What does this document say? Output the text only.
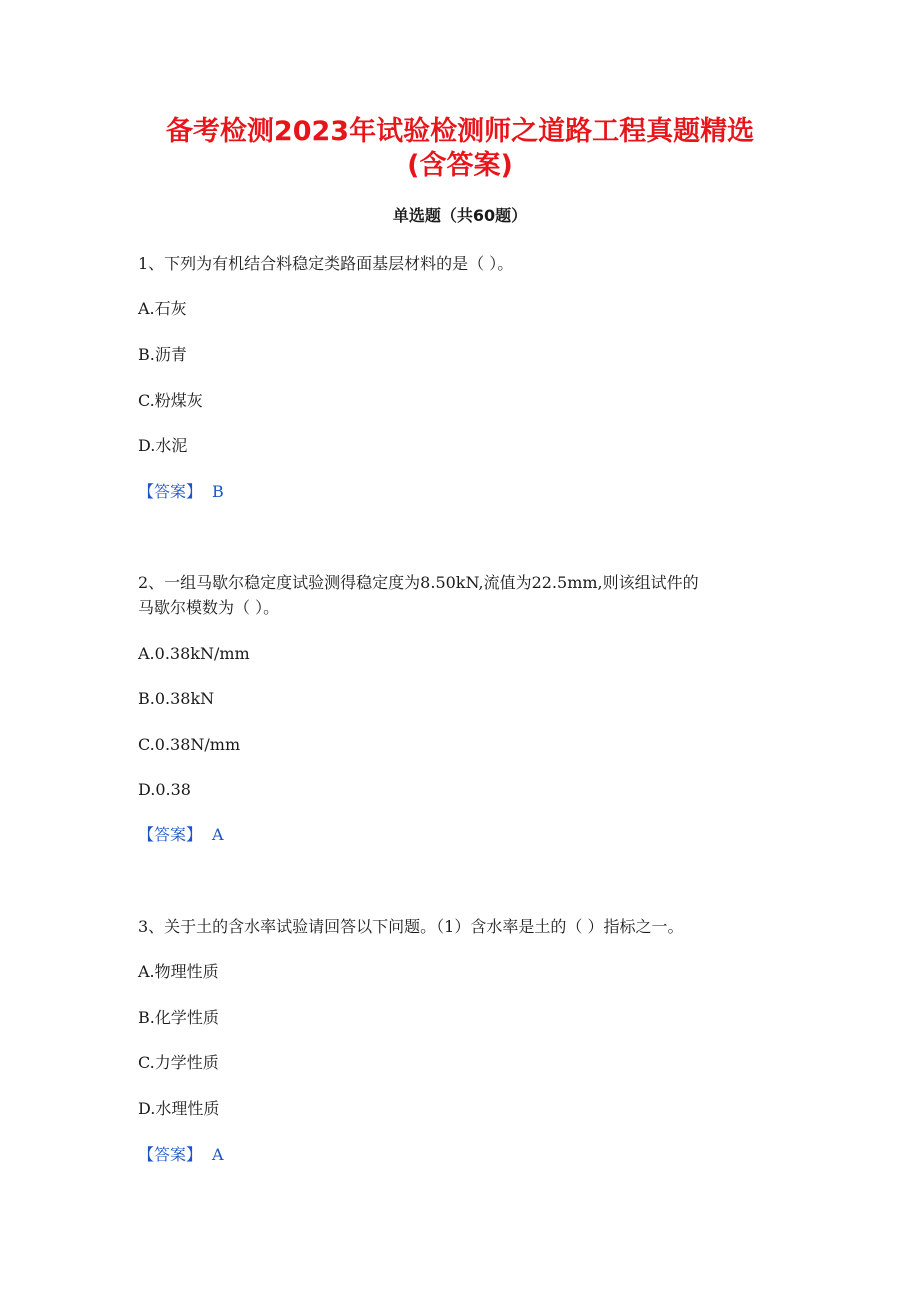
备考检测2023年试验检测师之道路工程真题精选
(含答案)
单选题（共60题）
1、下列为有机结合料稳定类路面基层材料的是（ ）。
A.石灰
B.沥青
C.粉煤灰
D.水泥
【答案】 B
2、一组马歇尔稳定度试验测得稳定度为8.50kN,流值为22.5mm,则该组试件的
马歇尔模数为（ ）。
A.0.38kN/mm
B.0.38kN
C.0.38N/mm
D.0.38
【答案】 A
3、关于土的含水率试验请回答以下问题。（1）含水率是土的（ ）指标之一。
A.物理性质
B.化学性质
C.力学性质
D.水理性质
【答案】 A
